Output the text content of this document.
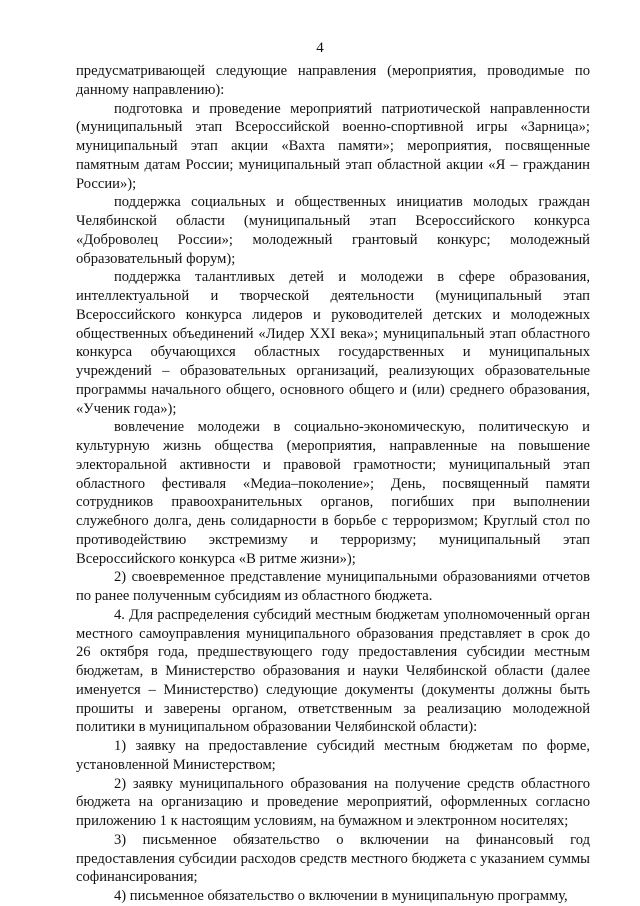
4

предусматривающей следующие направления (мероприятия, проводимые по данному направлению):

подготовка и проведение мероприятий патриотической направленности (муниципальный этап Всероссийской военно-спортивной игры «Зарница»; муниципальный этап акции «Вахта памяти»; мероприятия, посвященные памятным датам России; муниципальный этап областной акции «Я – гражданин России»);

поддержка социальных и общественных инициатив молодых граждан Челябинской области (муниципальный этап Всероссийского конкурса «Доброволец России»; молодежный грантовый конкурс; молодежный образовательный форум);

поддержка талантливых детей и молодежи в сфере образования, интеллектуальной и творческой деятельности (муниципальный этап Всероссийского конкурса лидеров и руководителей детских и молодежных общественных объединений «Лидер XXI века»; муниципальный этап областного конкурса обучающихся областных государственных и муниципальных учреждений – образовательных организаций, реализующих образовательные программы начального общего, основного общего и (или) среднего образования, «Ученик года»);

вовлечение молодежи в социально-экономическую, политическую и культурную жизнь общества (мероприятия, направленные на повышение электоральной активности и правовой грамотности; муниципальный этап областного фестиваля «Медиа–поколение»; День, посвященный памяти сотрудников правоохранительных органов, погибших при выполнении служебного долга, день солидарности в борьбе с терроризмом; Круглый стол по противодействию экстремизму и терроризму; муниципальный этап Всероссийского конкурса «В ритме жизни»);

2) своевременное представление муниципальными образованиями отчетов по ранее полученным субсидиям из областного бюджета.

4. Для распределения субсидий местным бюджетам уполномоченный орган местного самоуправления муниципального образования представляет в срок до 26 октября года, предшествующего году предоставления субсидии местным бюджетам, в Министерство образования и науки Челябинской области (далее именуется – Министерство) следующие документы (документы должны быть прошиты и заверены органом, ответственным за реализацию молодежной политики в муниципальном образовании Челябинской области):

1) заявку на предоставление субсидий местным бюджетам по форме, установленной Министерством;

2) заявку муниципального образования на получение средств областного бюджета на организацию и проведение мероприятий, оформленных согласно приложению 1 к настоящим условиям, на бумажном и электронном носителях;

3) письменное обязательство о включении на финансовый год предоставления субсидии расходов средств местного бюджета с указанием суммы софинансирования;

4) письменное обязательство о включении в муниципальную программу,
